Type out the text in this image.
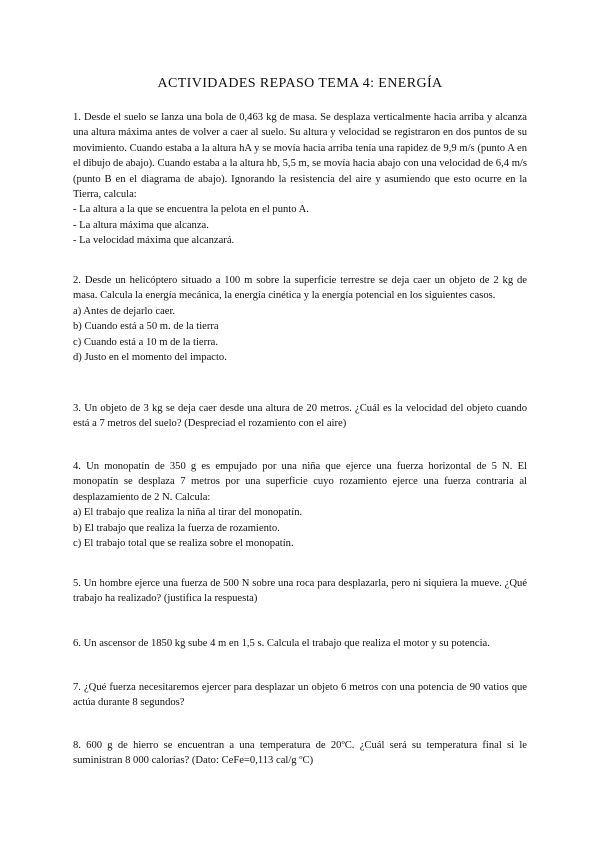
ACTIVIDADES REPASO TEMA 4: ENERGÍA

1. Desde el suelo se lanza una bola de 0,463 kg de masa. Se desplaza verticalmente hacia arriba y alcanza una altura máxima antes de volver a caer al suelo. Su altura y velocidad se registraron en dos puntos de su movimiento. Cuando estaba a la altura hA y se movía hacia arriba tenía una rapidez de 9,9 m/s (punto A en el dibujo de abajo). Cuando estaba a la altura hb, 5,5 m, se movía hacia abajo con una velocidad de 6,4 m/s (punto B en el diagrama de abajo). Ignorando la resistencia del aire y asumiendo que esto ocurre en la Tierra, calcula:

- La altura a la que se encuentra la pelota en el punto A.
- La altura máxima que alcanza.
- La velocidad máxima que alcanzará.

2. Desde un helicóptero situado a 100 m sobre la superficie terrestre se deja caer un objeto de 2 kg de masa. Calcula la energía mecánica, la energía cinética y la energía potencial en los siguientes casos.

a) Antes de dejarlo caer.
b) Cuando está a 50 m. de la tierra
c) Cuando está a 10 m de la tierra.
d) Justo en el momento del impacto.

3. Un objeto de 3 kg se deja caer desde una altura de 20 metros. ¿Cuál es la velocidad del objeto cuando está a 7 metros del suelo? (Despreciad el rozamiento con el aire)

4. Un monopatín de 350 g es empujado por una niña que ejerce una fuerza horizontal de 5 N. El monopatín se desplaza 7 metros por una superficie cuyo rozamiento ejerce una fuerza contraria al desplazamiento de 2 N. Calcula:

a) El trabajo que realiza la niña al tirar del monopatín.
b) El trabajo que realiza la fuerza de rozamiento.
c) El trabajo total que se realiza sobre el monopatín.

5. Un hombre ejerce una fuerza de 500 N sobre una roca para desplazarla, pero ni siquiera la mueve. ¿Qué trabajo ha realizado? (justifica la respuesta)

6. Un ascensor de 1850 kg sube 4 m en 1,5 s. Calcula el trabajo que realiza el motor y su potencia.

7. ¿Qué fuerza necesitaremos ejercer para desplazar un objeto 6 metros con una potencia de 90 vatios que actúa durante 8 segundos?

8. 600 g de hierro se encuentran a una temperatura de 20ºC. ¿Cuál será su temperatura final si le suministran 8 000 calorías? (Dato: CeFe=0,113 cal/g ºC)
